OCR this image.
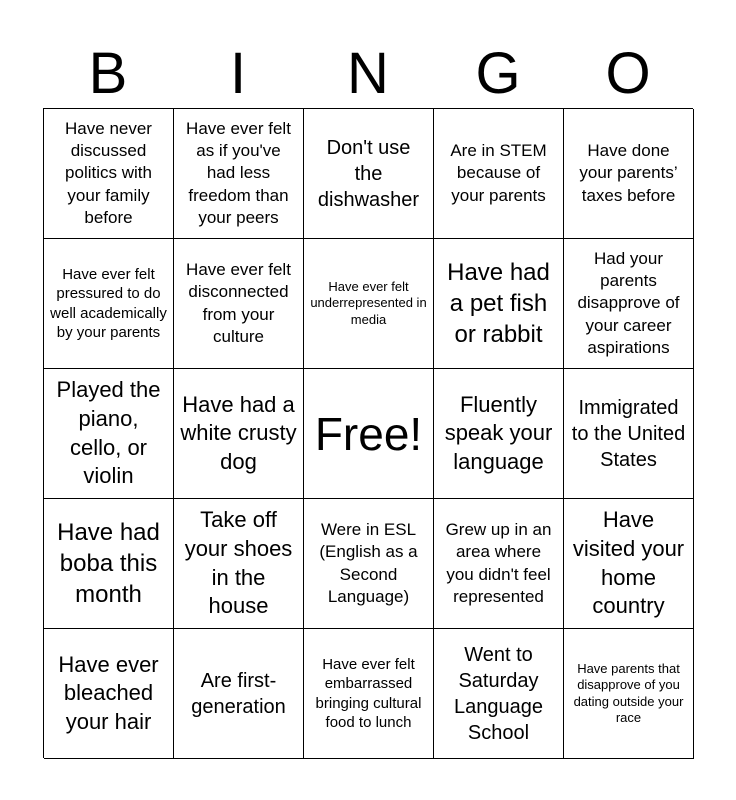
B	I	N	G	O
Have never discussed politics with your family before
Have ever felt as if you've had less freedom than your peers
Don't use the dishwasher
Are in STEM because of your parents
Have done your parents’ taxes before
Have ever felt pressured to do well academically by your parents
Have ever felt disconnected from your culture
Have ever felt underrepresented in media
Have had a pet fish or rabbit
Had your parents disapprove of your career aspirations
Played the piano, cello, or violin
Have had a white crusty dog
Free!
Fluently speak your language
Immigrated to the United States
Have had boba this month
Take off your shoes in the house
Were in ESL (English as a Second Language)
Grew up in an area where you didn't feel represented
Have visited your home country
Have ever bleached your hair
Are first-generation
Have ever felt embarrassed bringing cultural food to lunch
Went to Saturday Language School
Have parents that disapprove of you dating outside your race
